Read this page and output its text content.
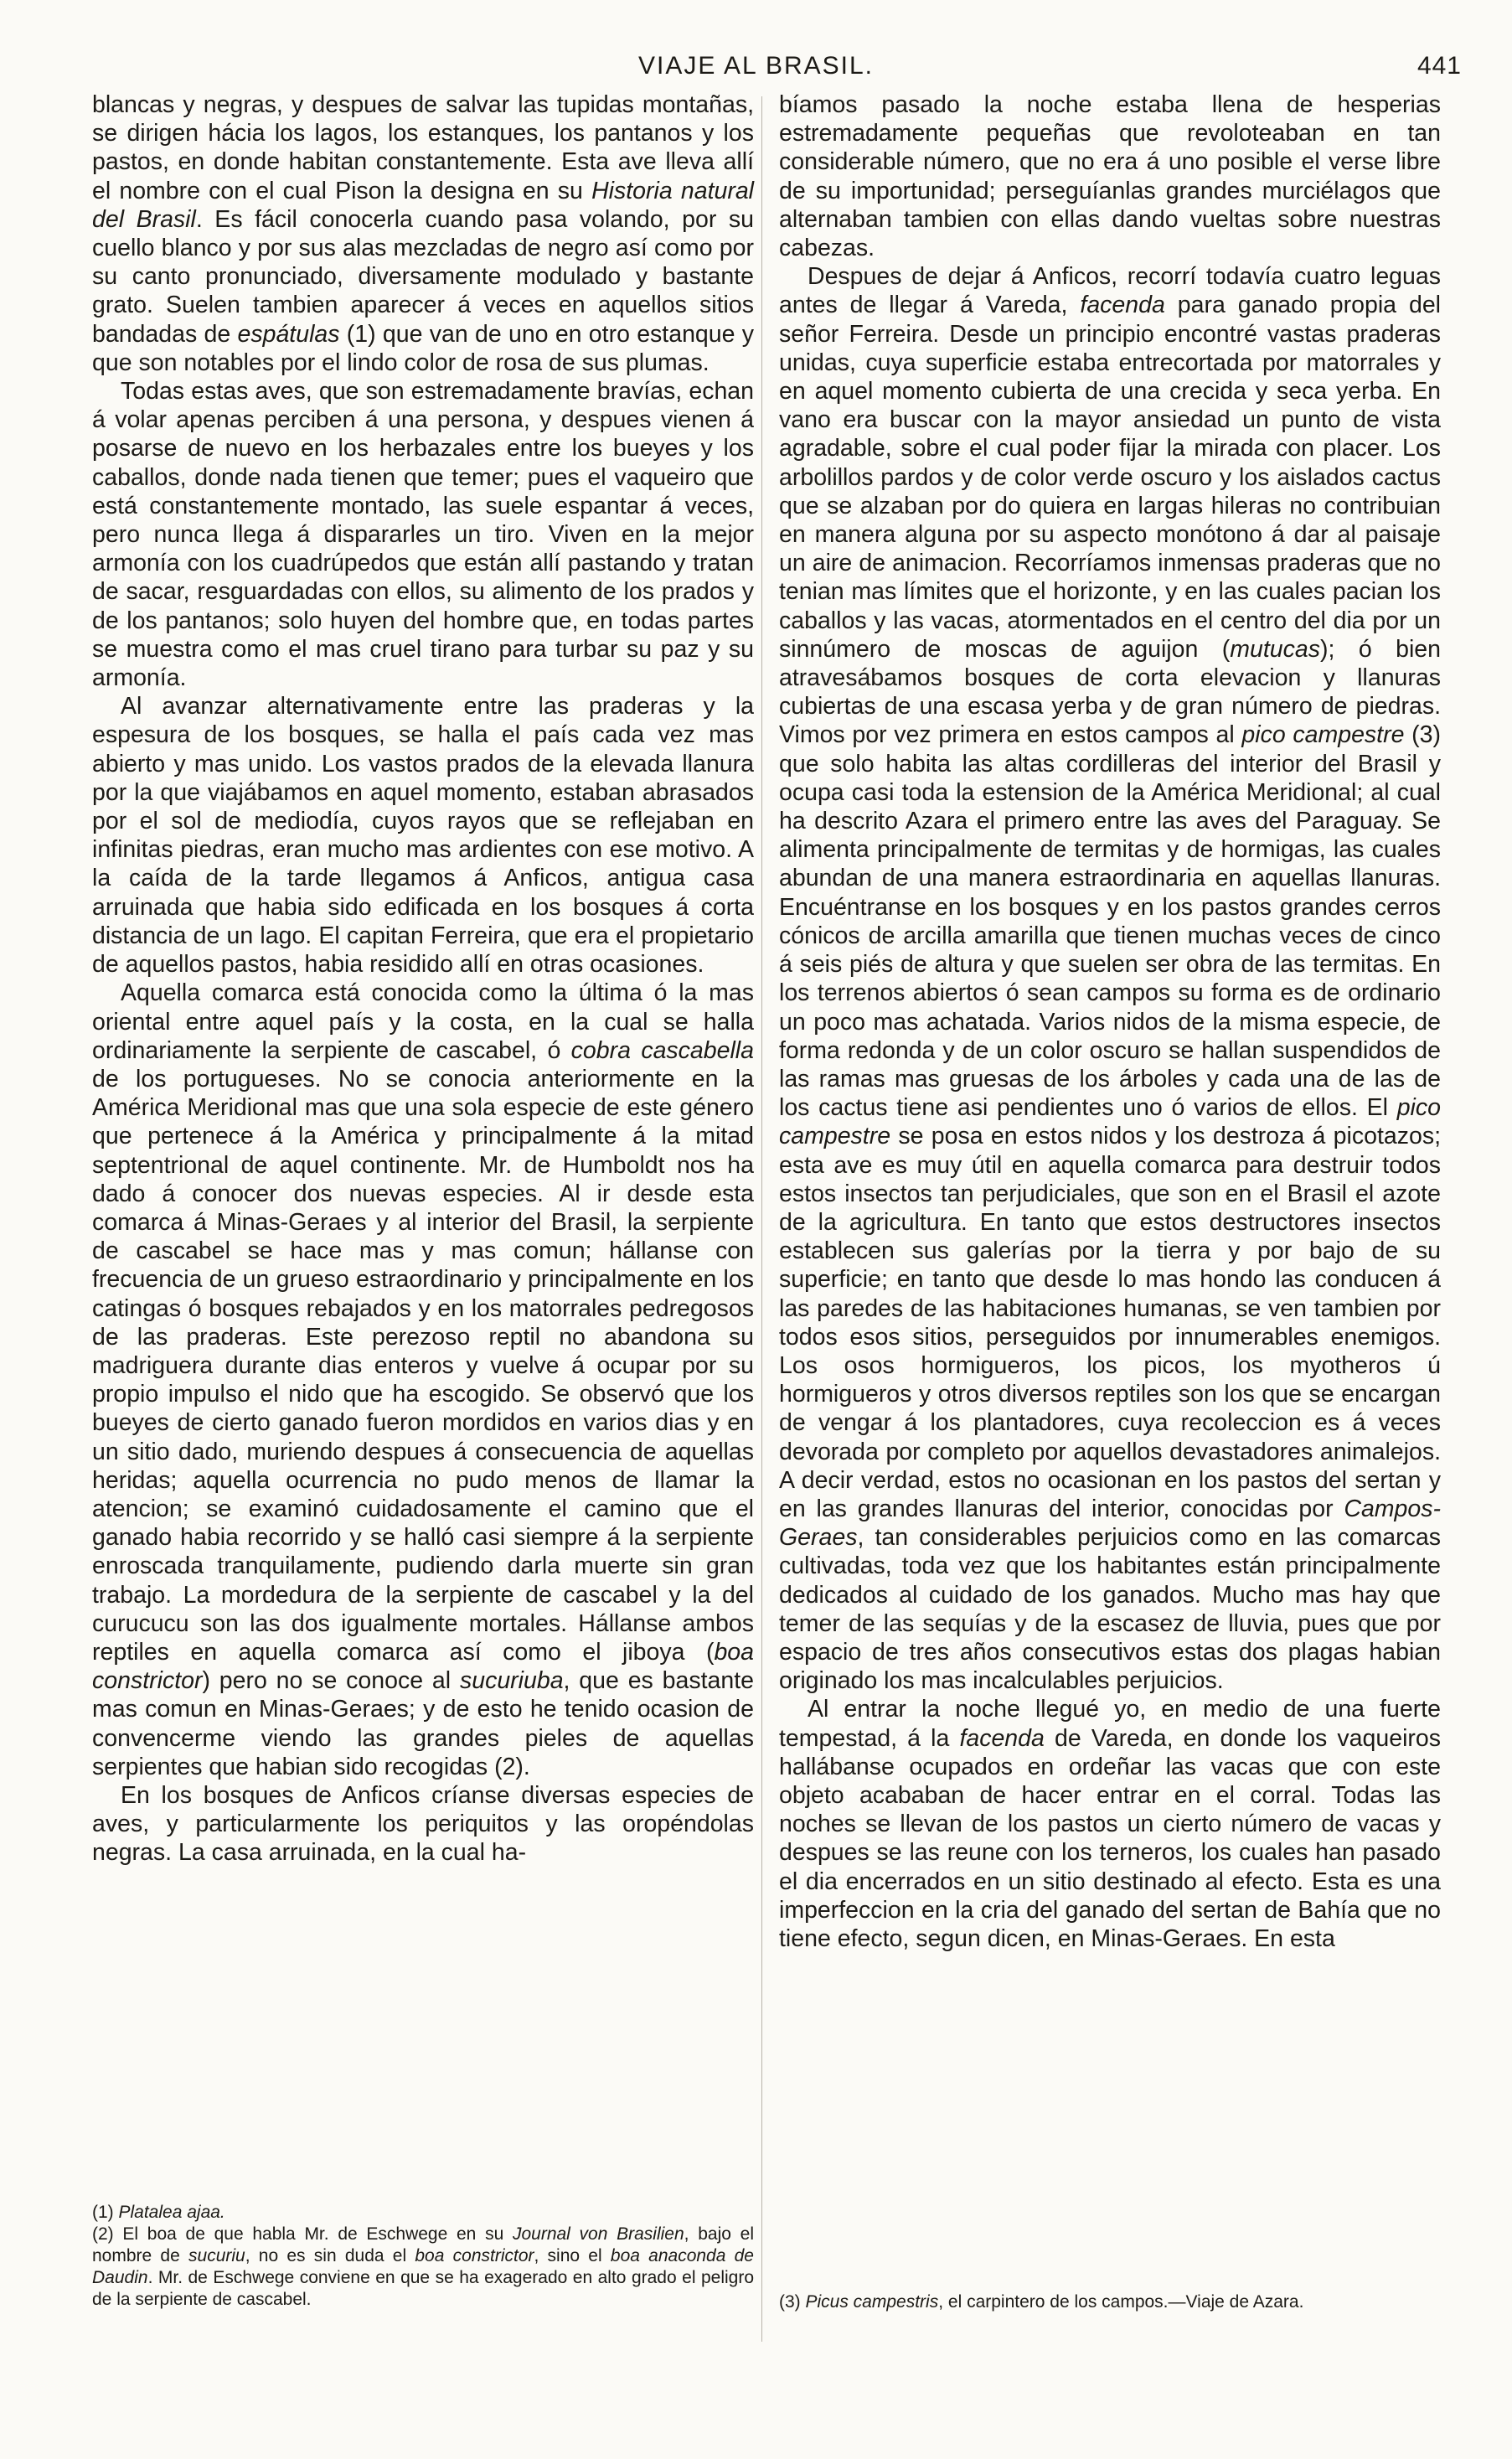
VIAJE AL BRASIL.	441

blancas y negras, y despues de salvar las tupidas montañas, se dirigen hácia los lagos, los estanques, los pantanos y los pastos, en donde habitan constantemente. Esta ave lleva allí el nombre con el cual Pison la designa en su Historia natural del Brasil. Es fácil conocerla cuando pasa volando, por su cuello blanco y por sus alas mezcladas de negro así como por su canto pronunciado, diversamente modulado y bastante grato. Suelen tambien aparecer á veces en aquellos sitios bandadas de espátulas (1) que van de uno en otro estanque y que son notables por el lindo color de rosa de sus plumas.

Todas estas aves, que son estremadamente bravías, echan á volar apenas perciben á una persona, y despues vienen á posarse de nuevo en los herbazales entre los bueyes y los caballos, donde nada tienen que temer; pues el vaqueiro que está constantemente montado, las suele espantar á veces, pero nunca llega á dispararles un tiro. Viven en la mejor armonía con los cuadrúpedos que están allí pastando y tratan de sacar, resguardadas con ellos, su alimento de los prados y de los pantanos; solo huyen del hombre que, en todas partes se muestra como el mas cruel tirano para turbar su paz y su armonía.

Al avanzar alternativamente entre las praderas y la espesura de los bosques, se halla el país cada vez mas abierto y mas unido. Los vastos prados de la elevada llanura por la que viajábamos en aquel momento, estaban abrasados por el sol de mediodía, cuyos rayos que se reflejaban en infinitas piedras, eran mucho mas ardientes con ese motivo. A la caída de la tarde llegamos á Anficos, antigua casa arruinada que habia sido edificada en los bosques á corta distancia de un lago. El capitan Ferreira, que era el propietario de aquellos pastos, habia residido allí en otras ocasiones.

Aquella comarca está conocida como la última ó la mas oriental entre aquel país y la costa, en la cual se halla ordinariamente la serpiente de cascabel, ó cobra cascabella de los portugueses. No se conocia anteriormente en la América Meridional mas que una sola especie de este género que pertenece á la América y principalmente á la mitad septentrional de aquel continente. Mr. de Humboldt nos ha dado á conocer dos nuevas especies. Al ir desde esta comarca á Minas-Geraes y al interior del Brasil, la serpiente de cascabel se hace mas y mas comun; hállanse con frecuencia de un grueso estraordinario y principalmente en los catingas ó bosques rebajados y en los matorrales pedregosos de las praderas. Este perezoso reptil no abandona su madriguera durante dias enteros y vuelve á ocupar por su propio impulso el nido que ha escogido. Se observó que los bueyes de cierto ganado fueron mordidos en varios dias y en un sitio dado, muriendo despues á consecuencia de aquellas heridas; aquella ocurrencia no pudo menos de llamar la atencion; se examinó cuidadosamente el camino que el ganado habia recorrido y se halló casi siempre á la serpiente enroscada tranquilamente, pudiendo darla muerte sin gran trabajo. La mordedura de la serpiente de cascabel y la del curucucu son las dos igualmente mortales. Hállanse ambos reptiles en aquella comarca así como el jiboya (boa constrictor) pero no se conoce al sucuriuba, que es bastante mas comun en Minas-Geraes; y de esto he tenido ocasion de convencerme viendo las grandes pieles de aquellas serpientes que habian sido recogidas (2).

En los bosques de Anficos críanse diversas especies de aves, y particularmente los periquitos y las oropéndolas negras. La casa arruinada, en la cual ha-

(1) Platalea ajaa.

(2) El boa de que habla Mr. de Eschwege en su Journal von Brasilien, bajo el nombre de sucuriu, no es sin duda el boa constrictor, sino el boa anaconda de Daudin. Mr. de Eschwege conviene en que se ha exagerado en alto grado el peligro de la serpiente de cascabel.

bíamos pasado la noche estaba llena de hesperias estremadamente pequeñas que revoloteaban en tan considerable número, que no era á uno posible el verse libre de su importunidad; perseguíanlas grandes murciélagos que alternaban tambien con ellas dando vueltas sobre nuestras cabezas.

Despues de dejar á Anficos, recorrí todavía cuatro leguas antes de llegar á Vareda, facenda para ganado propia del señor Ferreira. Desde un principio encontré vastas praderas unidas, cuya superficie estaba entrecortada por matorrales y en aquel momento cubierta de una crecida y seca yerba. En vano era buscar con la mayor ansiedad un punto de vista agradable, sobre el cual poder fijar la mirada con placer. Los arbolillos pardos y de color verde oscuro y los aislados cactus que se alzaban por do quiera en largas hileras no contribuian en manera alguna por su aspecto monótono á dar al paisaje un aire de animacion. Recorríamos inmensas praderas que no tenian mas límites que el horizonte, y en las cuales pacian los caballos y las vacas, atormentados en el centro del dia por un sinnúmero de moscas de aguijon (mutucas); ó bien atravesábamos bosques de corta elevacion y llanuras cubiertas de una escasa yerba y de gran número de piedras. Vimos por vez primera en estos campos al pico campestre (3) que solo habita las altas cordilleras del interior del Brasil y ocupa casi toda la estension de la América Meridional; al cual ha descrito Azara el primero entre las aves del Paraguay. Se alimenta principalmente de termitas y de hormigas, las cuales abundan de una manera estraordinaria en aquellas llanuras. Encuéntranse en los bosques y en los pastos grandes cerros cónicos de arcilla amarilla que tienen muchas veces de cinco á seis piés de altura y que suelen ser obra de las termitas. En los terrenos abiertos ó sean campos su forma es de ordinario un poco mas achatada. Varios nidos de la misma especie, de forma redonda y de un color oscuro se hallan suspendidos de las ramas mas gruesas de los árboles y cada una de las de los cactus tiene asi pendientes uno ó varios de ellos. El pico campestre se posa en estos nidos y los destroza á picotazos; esta ave es muy útil en aquella comarca para destruir todos estos insectos tan perjudiciales, que son en el Brasil el azote de la agricultura. En tanto que estos destructores insectos establecen sus galerías por la tierra y por bajo de su superficie; en tanto que desde lo mas hondo las conducen á las paredes de las habitaciones humanas, se ven tambien por todos esos sitios, perseguidos por innumerables enemigos. Los osos hormigueros, los picos, los myotheros ú hormigueros y otros diversos reptiles son los que se encargan de vengar á los plantadores, cuya recoleccion es á veces devorada por completo por aquellos devastadores animalejos. A decir verdad, estos no ocasionan en los pastos del sertan y en las grandes llanuras del interior, conocidas por Campos-Geraes, tan considerables perjuicios como en las comarcas cultivadas, toda vez que los habitantes están principalmente dedicados al cuidado de los ganados. Mucho mas hay que temer de las sequías y de la escasez de lluvia, pues que por espacio de tres años consecutivos estas dos plagas habian originado los mas incalculables perjuicios.

Al entrar la noche llegué yo, en medio de una fuerte tempestad, á la facenda de Vareda, en donde los vaqueiros hallábanse ocupados en ordeñar las vacas que con este objeto acababan de hacer entrar en el corral. Todas las noches se llevan de los pastos un cierto número de vacas y despues se las reune con los terneros, los cuales han pasado el dia encerrados en un sitio destinado al efecto. Esta es una imperfeccion en la cria del ganado del sertan de Bahía que no tiene efecto, segun dicen, en Minas-Geraes. En esta

(3) Picus campestris, el carpintero de los campos.—Viaje de Azara.
